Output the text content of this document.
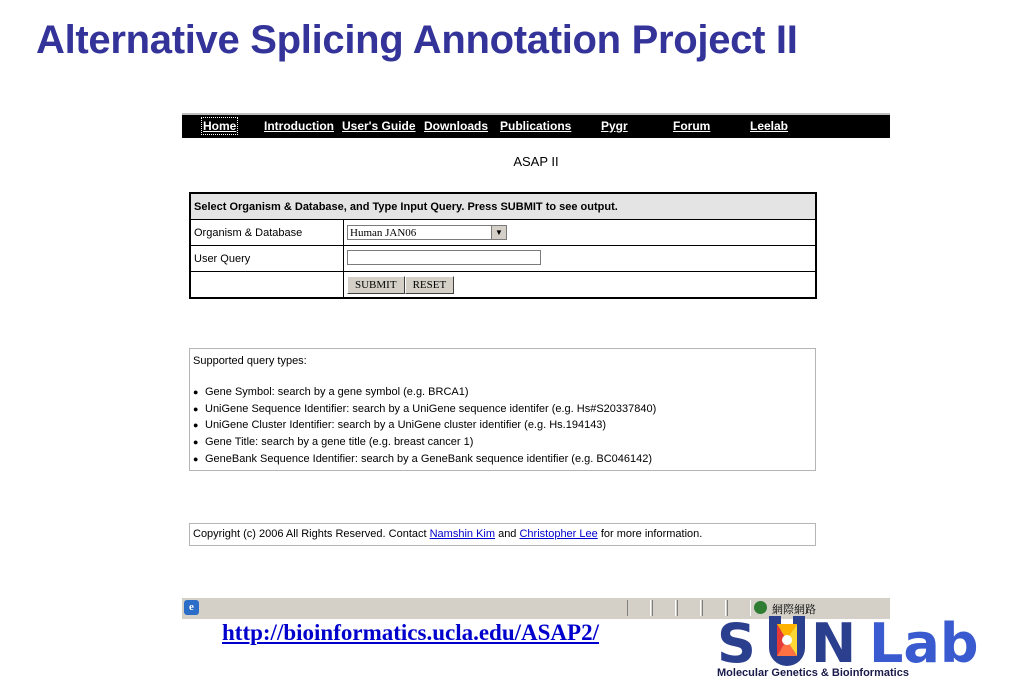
Alternative Splicing Annotation Project II
Home Introduction User's Guide Downloads Publications Pygr	Forum	Leelab
ASAP II
Select Organism & Database, and Type Input Query. Press SUBMIT to see output.	
Organism & Database	Human JAN06 ▼

User Query	
	SUBMIT RESET
Supported query types:
● Gene Symbol: search by a gene symbol (e.g. BRCA1)
● UniGene Sequence Identifier: search by a UniGene sequence identifer (e.g. Hs#S20337840)
● UniGene Cluster Identifier: search by a UniGene cluster identifier (e.g. Hs.194143)
● Gene Title: search by a gene title (e.g. breast cancer 1)
● GeneBank Sequence Identifier: search by a GeneBank sequence identifier (e.g. BC046142)
Copyright (c) 2006 All Rights Reserved. Contact Namshin Kim and Christopher Lee for more information.
e	網際網路
http://bioinformatics.ucla.edu/ASAP2/ S N Lab
Molecular Genetics & Bioinformatics
